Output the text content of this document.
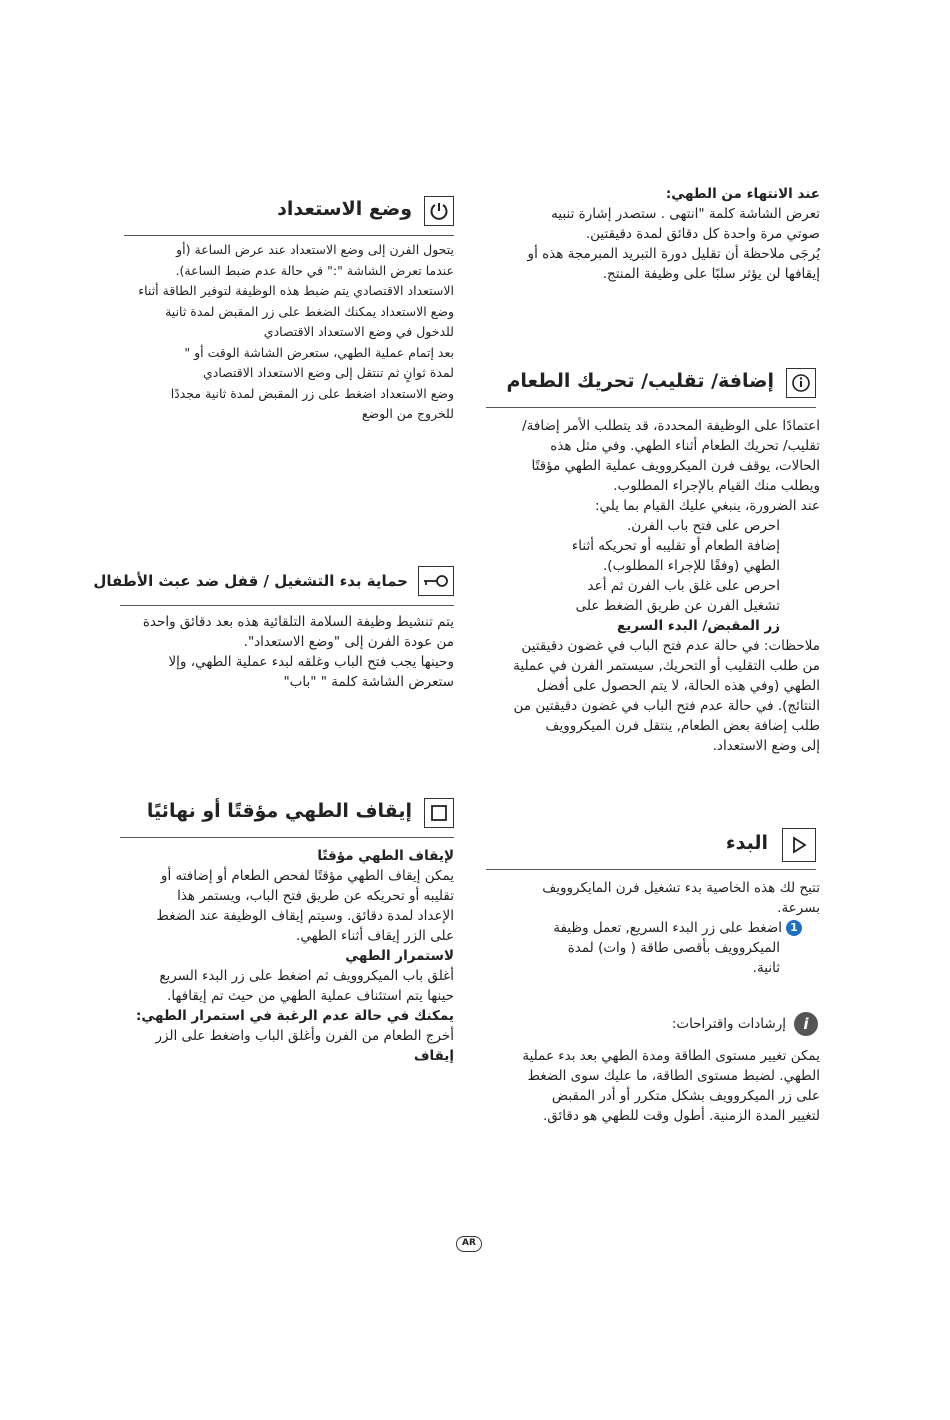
عند الانتهاء من الطهي:

تعرض الشاشة كلمة "انتهى . ستصدر إشارة تنبيه

صوتي مرة واحدة كل دقائق لمدة دقيقتين.

يُرجَى ملاحظة أن تقليل دورة التبريد المبرمجة هذه أو

إيقافها لن يؤثر سلبًا على وظيفة المنتج.

وضع الاستعداد

يتحول الفرن إلى وضع الاستعداد عند عرض الساعة (أو

عندما تعرض الشاشة ":" في حالة عدم ضبط الساعة).

الاستعداد الاقتصادي يتم ضبط هذه الوظيفة لتوفير الطاقة أثناء

وضع الاستعداد يمكنك الضغط على زر المقبض لمدة ثانية

للدخول في وضع الاستعداد الاقتصادي

بعد إتمام عملية الطهي، ستعرض الشاشة الوقت أو "

لمدة ثوانٍ ثم تنتقل إلى وضع الاستعداد الاقتصادي

وضع الاستعداد اضغط على زر المقبض لمدة ثانية مجددًا

للخروج من الوضع

إضافة/ تقليب/ تحريك الطعام

اعتمادًا على الوظيفة المحددة، قد يتطلب الأمر إضافة/

تقليب/ تحريك الطعام أثناء الطهي. وفي مثل هذه

الحالات، يوقف فرن الميكروويف عملية الطهي مؤقتًا

ويطلب منك القيام بالإجراء المطلوب.

عند الضرورة، ينبغي عليك القيام بما يلي:

احرص على فتح باب الفرن.

إضافة الطعام أو تقليبه أو تحريكه أثناء

الطهي (وفقًا للإجراء المطلوب).

احرص على غلق باب الفرن ثم أعد

تشغيل الفرن عن طريق الضغط على

زر المقبض/ البدء السريع

ملاحظات: في حالة عدم فتح الباب في غضون دقيقتين

من طلب التقليب أو التحريك, سيستمر الفرن في عملية

الطهي (وفي هذه الحالة، لا يتم الحصول على أفضل

النتائج). في حالة عدم فتح الباب في غضون دقيقتين من

طلب إضافة بعض الطعام, ينتقل فرن الميكروويف

إلى وضع الاستعداد.

حماية بدء التشغيل / قفل ضد عبث الأطفال

يتم تنشيط وظيفة السلامة التلقائية هذه بعد دقائق واحدة

من عودة الفرن إلى "وضع الاستعداد".

وحينها يجب فتح الباب وغلقه لبدء عملية الطهي، وإلا

ستعرض الشاشة كلمة " "باب"

إيقاف الطهي مؤقتًا أو نهائيًا

لإيقاف الطهي مؤقتًا

يمكن إيقاف الطهي مؤقتًا لفحص الطعام أو إضافته أو

تقليبه أو تحريكه عن طريق فتح الباب، ويستمر هذا

الإعداد لمدة دقائق. وسيتم إيقاف الوظيفة عند الضغط

على الزر إيقاف أثناء الطهي.

لاستمرار الطهي

أغلق باب الميكروويف ثم اضغط على زر البدء السريع

حينها يتم استئناف عملية الطهي من حيث تم إيقافها.

يمكنك في حالة عدم الرغبة في استمرار الطهي:

أخرج الطعام من الفرن وأغلق الباب واضغط على الزر

إيقاف

البدء

تتيح لك هذه الخاصية بدء تشغيل فرن المايكروويف

بسرعة.

1اضغط على زر البدء السريع, تعمل وظيفة

الميكروويف بأقصى طاقة ( وات) لمدة

ثانية.

i
إرشادات واقتراحات:

يمكن تغيير مستوى الطاقة ومدة الطهي بعد بدء عملية

الطهي. لضبط مستوى الطاقة، ما عليك سوى الضغط

على زر الميكروويف بشكل متكرر أو أدر المقبض

لتغيير المدة الزمنية. أطول وقت للطهي هو دقائق.

AR
